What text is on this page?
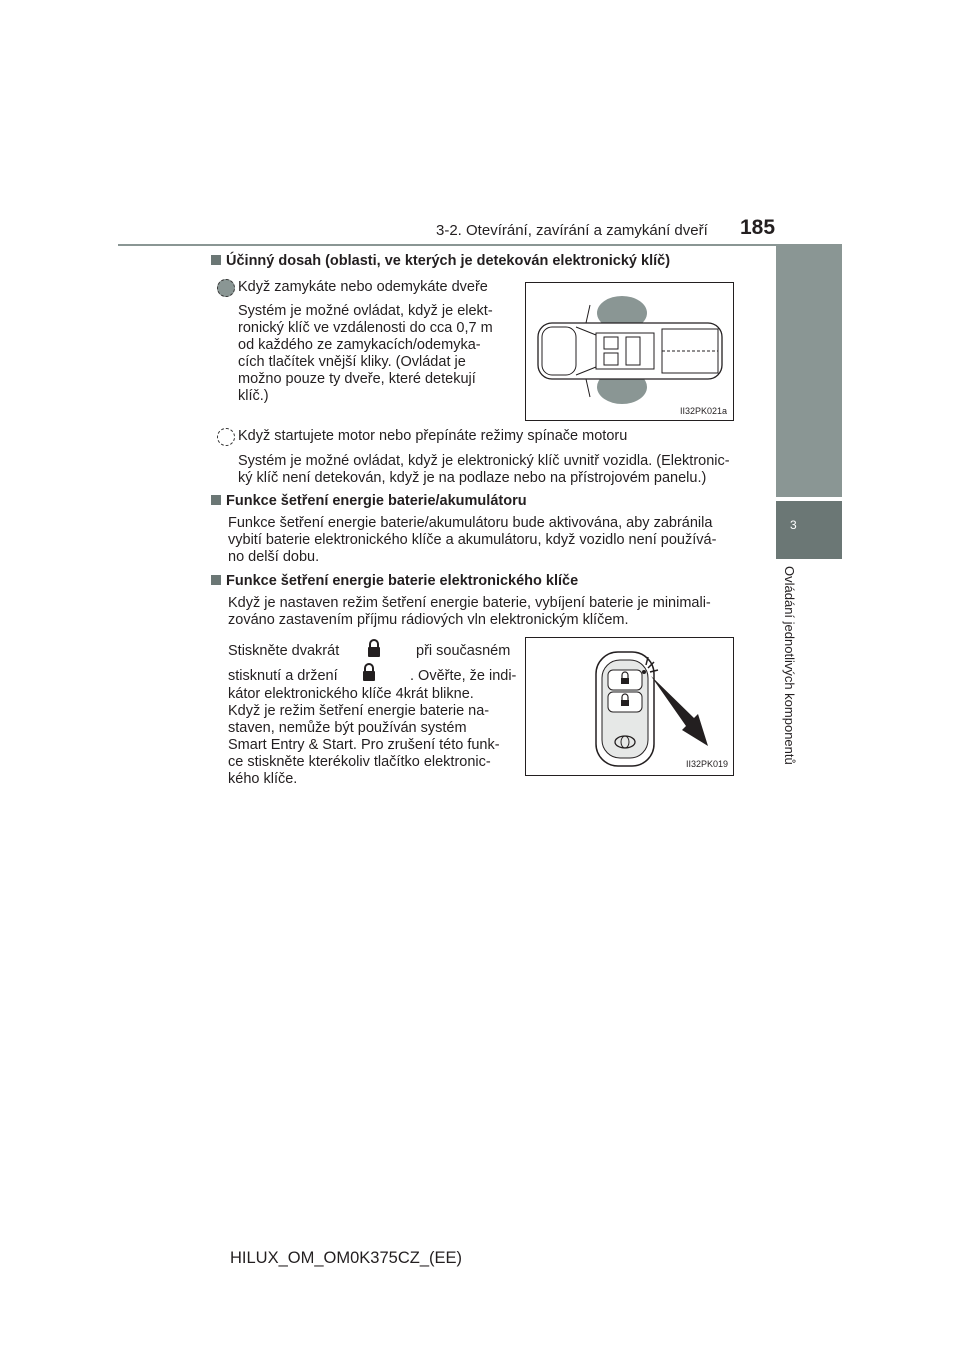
3-2. Otevírání, zavírání a zamykání dveří 185
3
Ovládání jednotlivých komponentů
Účinný dosah (oblasti, ve kterých je detekován elektronický klíč)
Když zamykáte nebo odemykáte dveře
Systém je možné ovládat, když je elekt-
ronický klíč ve vzdálenosti do cca 0,7 m
od každého ze zamykacích/odemyka-
cích tlačítek vnější kliky. (Ovládat je
možno pouze ty dveře, které detekují
klíč.)
II32PK021a
Když startujete motor nebo přepínáte režimy spínače motoru
Systém je možné ovládat, když je elektronický klíč uvnitř vozidla. (Elektronic-
ký klíč není detekován, když je na podlaze nebo na přístrojovém panelu.)
Funkce šetření energie baterie/akumulátoru
Funkce šetření energie baterie/akumulátoru bude aktivována, aby zabránila
vybití baterie elektronického klíče a akumulátoru, když vozidlo není používá-
no delší dobu.
Funkce šetření energie baterie elektronického klíče
Když je nastaven režim šetření energie baterie, vybíjení baterie je minimali-
zováno zastavením příjmu rádiových vln elektronickým klíčem.
Stiskněte dvakrát	při současném
stisknutí a držení	. Ověřte, že indi-
kátor elektronického klíče 4krát blikne.
Když je režim šetření energie baterie na-
staven, nemůže být používán systém
Smart Entry & Start. Pro zrušení této funk-
ce stiskněte kterékoliv tlačítko elektronic-
kého klíče.
II32PK019
HILUX_OM_OM0K375CZ_(EE)
